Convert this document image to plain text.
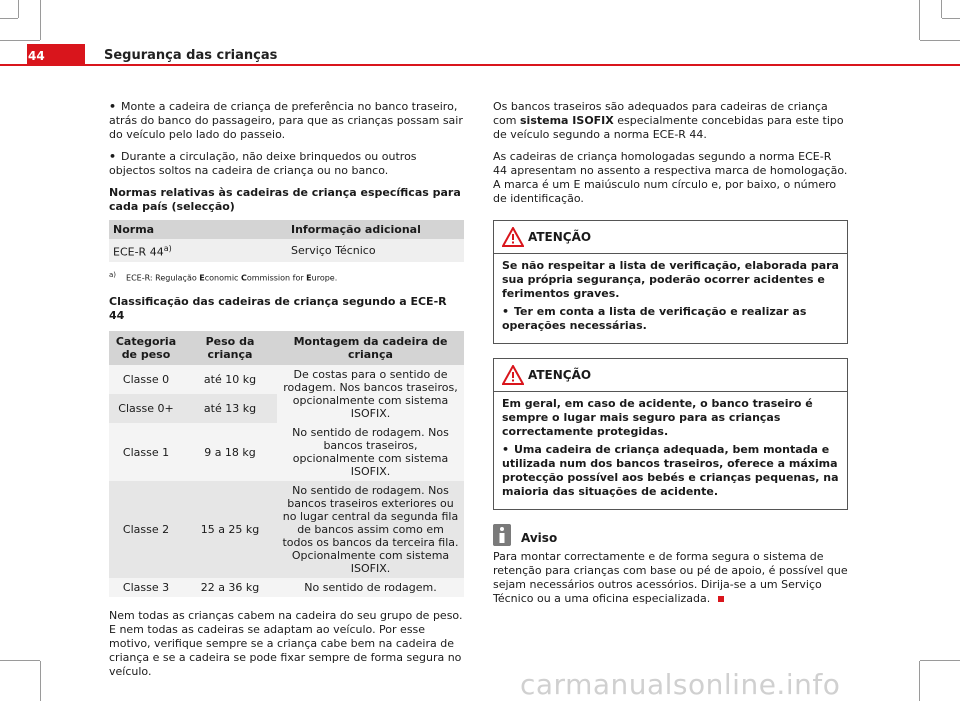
44	Segurança das crianças

• Monte a cadeira de criança de preferência no banco traseiro, atrás do banco do passageiro, para que as crianças possam sair do veículo pelo lado do passeio.

• Durante a circulação, não deixe brinquedos ou outros objectos soltos na cadeira de criança ou no banco.

Normas relativas às cadeiras de criança específicas para cada país (selecção)
Norma	Informação adicional
ECE-R 44$^{a)}$	Serviço Técnico
$^{a)}$ ECE-R: Regulação Economic Commission for Europe.
Classificação das cadeiras de criança segundo a ECE-R 44
Categoria de peso	Peso da criança	Montagem da cadeira de criança
Classe 0	até 10 kg	De costas para o sentido de rodagem. Nos bancos traseiros, opcionalmente com sistema ISOFIX.
Classe 0+	até 13 kg	
Classe 1	9 a 18 kg	No sentido de rodagem. Nos bancos traseiros, opcionalmente com sistema ISOFIX.
Classe 2	15 a 25 kg	No sentido de rodagem. Nos bancos traseiros exteriores ou no lugar central da segunda fila de bancos assim como em todos os bancos da terceira fila. Opcionalmente com sistema ISOFIX.
Classe 3	22 a 36 kg	No sentido de rodagem.

Nem todas as crianças cabem na cadeira do seu grupo de peso. E nem todas as cadeiras se adaptam ao veículo. Por esse motivo, verifique sempre se a criança cabe bem na cadeira de criança e se a cadeira se pode fixar sempre de forma segura no veículo.

Os bancos traseiros são adequados para cadeiras de criança com sistema ISOFIX especialmente concebidas para este tipo de veículo segundo a norma ECE-R 44.

As cadeiras de criança homologadas segundo a norma ECE-R 44 apresentam no assento a respectiva marca de homologação. A marca é um E maiúsculo num círculo e, por baixo, o número de identificação.

ATENÇÃO

Se não respeitar a lista de verificação, elaborada para sua própria segurança, poderão ocorrer acidentes e ferimentos graves.

• Ter em conta a lista de verificação e realizar as operações necessárias.

ATENÇÃO

Em geral, em caso de acidente, o banco traseiro é sempre o lugar mais seguro para as crianças correctamente protegidas.

• Uma cadeira de criança adequada, bem montada e utilizada num dos bancos traseiros, oferece a máxima protecção possível aos bebés e crianças pequenas, na maioria das situações de acidente.

Aviso

Para montar correctamente e de forma segura o sistema de retenção para crianças com base ou pé de apoio, é possível que sejam necessários outros acessórios. Dirija-se a um Serviço Técnico ou a uma oficina especializada.

carmanualsonline.info
